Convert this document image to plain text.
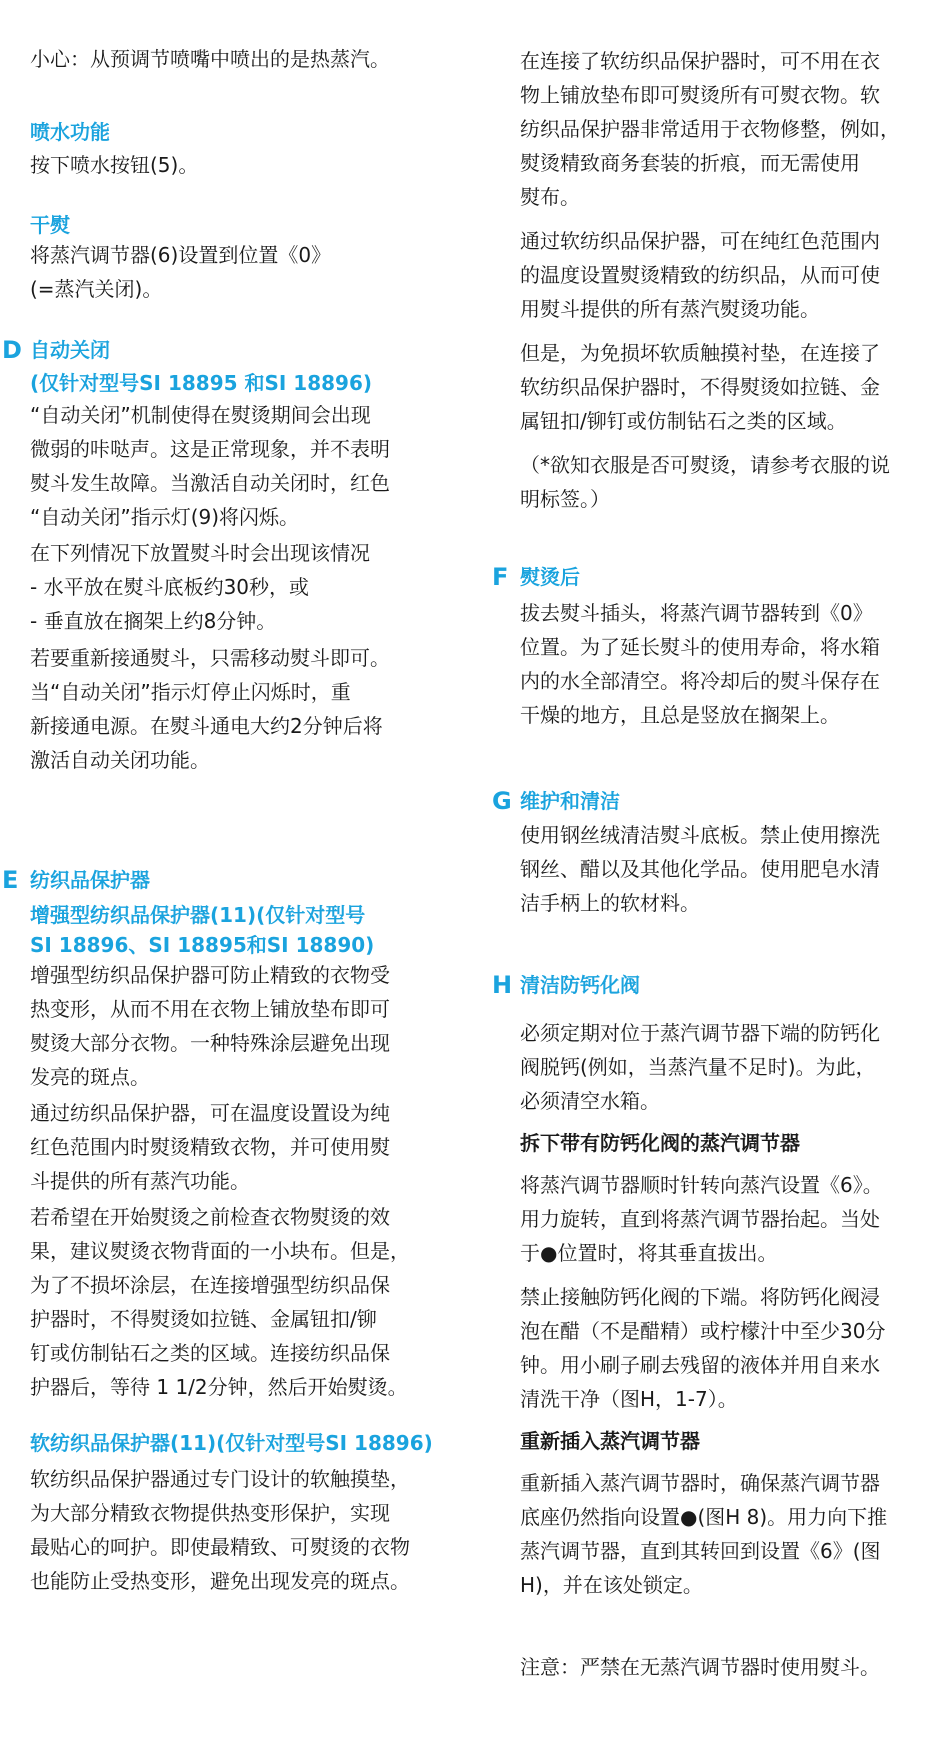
小心：从预调节喷嘴中喷出的是热蒸汽。
喷水功能
按下喷水按钮(5)。
干熨
将蒸汽调节器(6)设置到位置《0》
(=蒸汽关闭)。
D 自动关闭
(仅针对型号SI 18895 和SI 18896)
“自动关闭”机制使得在熨烫期间会出现
微弱的咔哒声。这是正常现象，并不表明
熨斗发生故障。当激活自动关闭时，红色
“自动关闭”指示灯(9)将闪烁。
在下列情况下放置熨斗时会出现该情况
- 水平放在熨斗底板约30秒，或
- 垂直放在搁架上约8分钟。
若要重新接通熨斗，只需移动熨斗即可。
当“自动关闭”指示灯停止闪烁时，重
新接通电源。在熨斗通电大约2分钟后将
激活自动关闭功能。
E 纺织品保护器
增强型纺织品保护器(11)(仅针对型号
SI 18896、SI 18895和SI 18890)
增强型纺织品保护器可防止精致的衣物受
热变形，从而不用在衣物上铺放垫布即可
熨烫大部分衣物。一种特殊涂层避免出现
发亮的斑点。
通过纺织品保护器，可在温度设置设为纯
红色范围内时熨烫精致衣物，并可使用熨
斗提供的所有蒸汽功能。
若希望在开始熨烫之前检查衣物熨烫的效
果，建议熨烫衣物背面的一小块布。但是，
为了不损坏涂层，在连接增强型纺织品保
护器时，不得熨烫如拉链、金属钮扣/铆
钉或仿制钻石之类的区域。连接纺织品保
护器后，等待 1 1/2分钟，然后开始熨烫。
软纺织品保护器(11)(仅针对型号SI 18896)
软纺织品保护器通过专门设计的软触摸垫，
为大部分精致衣物提供热变形保护，实现
最贴心的呵护。即使最精致、可熨烫的衣物
也能防止受热变形，避免出现发亮的斑点。
在连接了软纺织品保护器时，可不用在衣
物上铺放垫布即可熨烫所有可熨衣物。软
纺织品保护器非常适用于衣物修整，例如，
熨烫精致商务套装的折痕，而无需使用
熨布。
通过软纺织品保护器，可在纯红色范围内
的温度设置熨烫精致的纺织品，从而可使
用熨斗提供的所有蒸汽熨烫功能。
但是，为免损坏软质触摸衬垫，在连接了
软纺织品保护器时，不得熨烫如拉链、金
属钮扣/铆钉或仿制钻石之类的区域。
（*欲知衣服是否可熨烫，请参考衣服的说
明标签。）
F 熨烫后
拔去熨斗插头，将蒸汽调节器转到《0》
位置。为了延长熨斗的使用寿命，将水箱
内的水全部清空。将冷却后的熨斗保存在
干燥的地方，且总是竖放在搁架上。
G 维护和清洁
使用钢丝绒清洁熨斗底板。禁止使用擦洗
钢丝、醋以及其他化学品。使用肥皂水清
洁手柄上的软材料。
H 清洁防钙化阀
必须定期对位于蒸汽调节器下端的防钙化
阀脱钙(例如，当蒸汽量不足时)。为此，
必须清空水箱。
拆下带有防钙化阀的蒸汽调节器
将蒸汽调节器顺时针转向蒸汽设置《6》。
用力旋转，直到将蒸汽调节器抬起。当处
于●位置时，将其垂直拔出。
禁止接触防钙化阀的下端。将防钙化阀浸
泡在醋（不是醋精）或柠檬汁中至少30分
钟。用小刷子刷去残留的液体并用自来水
清洗干净（图H，1-7）。
重新插入蒸汽调节器
重新插入蒸汽调节器时，确保蒸汽调节器
底座仍然指向设置●(图H 8)。用力向下推
蒸汽调节器，直到其转回到设置《6》(图
H)，并在该处锁定。
注意：严禁在无蒸汽调节器时使用熨斗。
